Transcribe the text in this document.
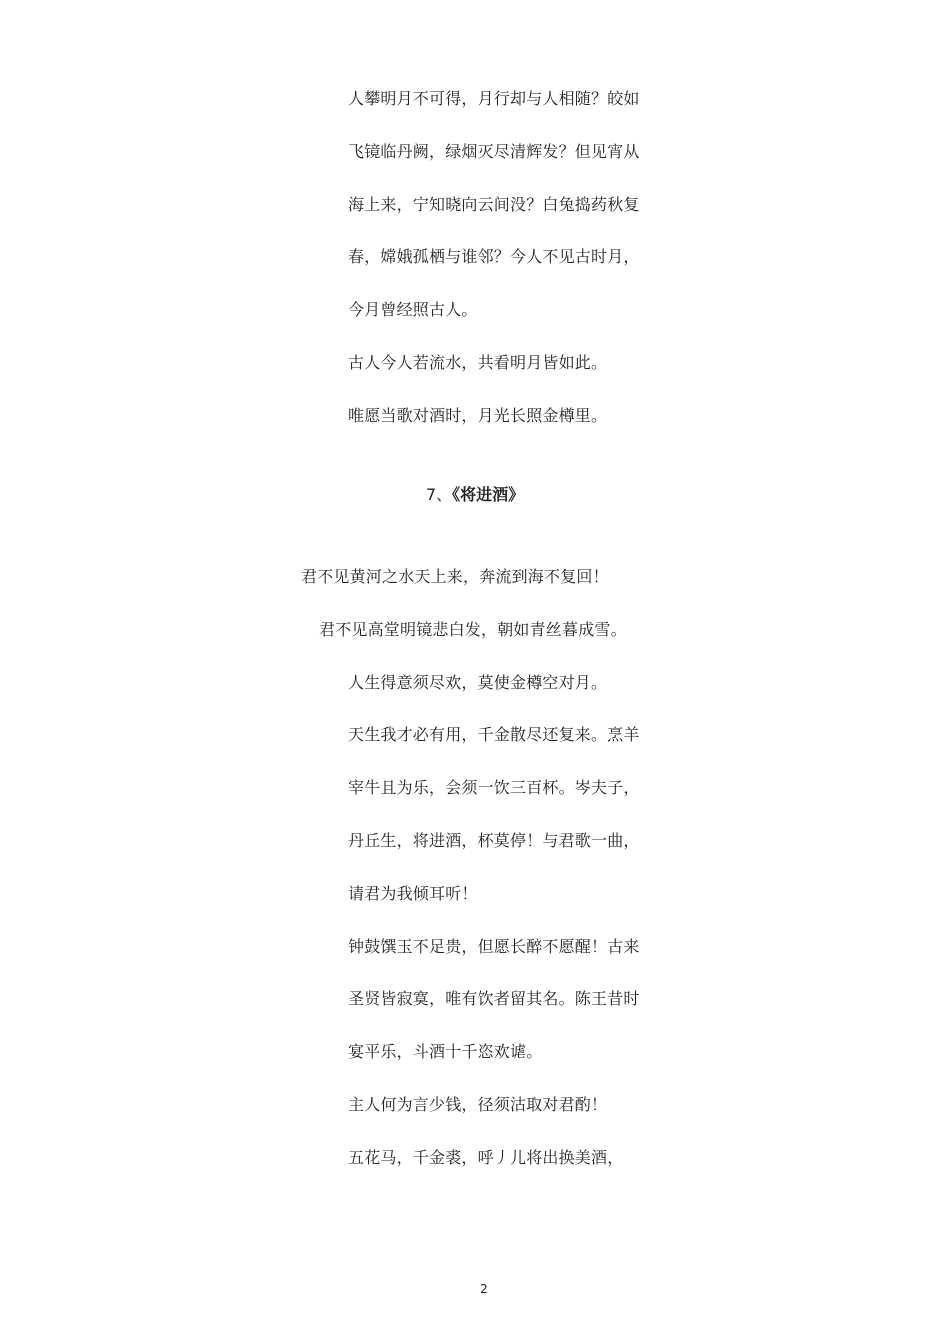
人攀明月不可得，月行却与人相随？皎如

飞镜临丹阙，绿烟灭尽清辉发？但见宵从

海上来，宁知晓向云间没？白兔捣药秋复

春，嫦娥孤栖与谁邻？今人不见古时月，

今月曾经照古人。

古人今人若流水，共看明月皆如此。

唯愿当歌对酒时，月光长照金樽里。

7、《将进酒》

君不见黄河之水天上来，奔流到海不复回！

君不见高堂明镜悲白发，朝如青丝暮成雪。

人生得意须尽欢，莫使金樽空对月。

天生我才必有用，千金散尽还复来。烹羊

宰牛且为乐，会须一饮三百杯。岑夫子，

丹丘生，将进酒，杯莫停！与君歌一曲，

请君为我倾耳听！

钟鼓馔玉不足贵，但愿长醉不愿醒！古来

圣贤皆寂寞，唯有饮者留其名。陈王昔时

宴平乐，斗酒十千恣欢谑。

主人何为言少钱，径须沽取对君酌！

五花马，千金裘，呼丿儿将出换美酒，

2
